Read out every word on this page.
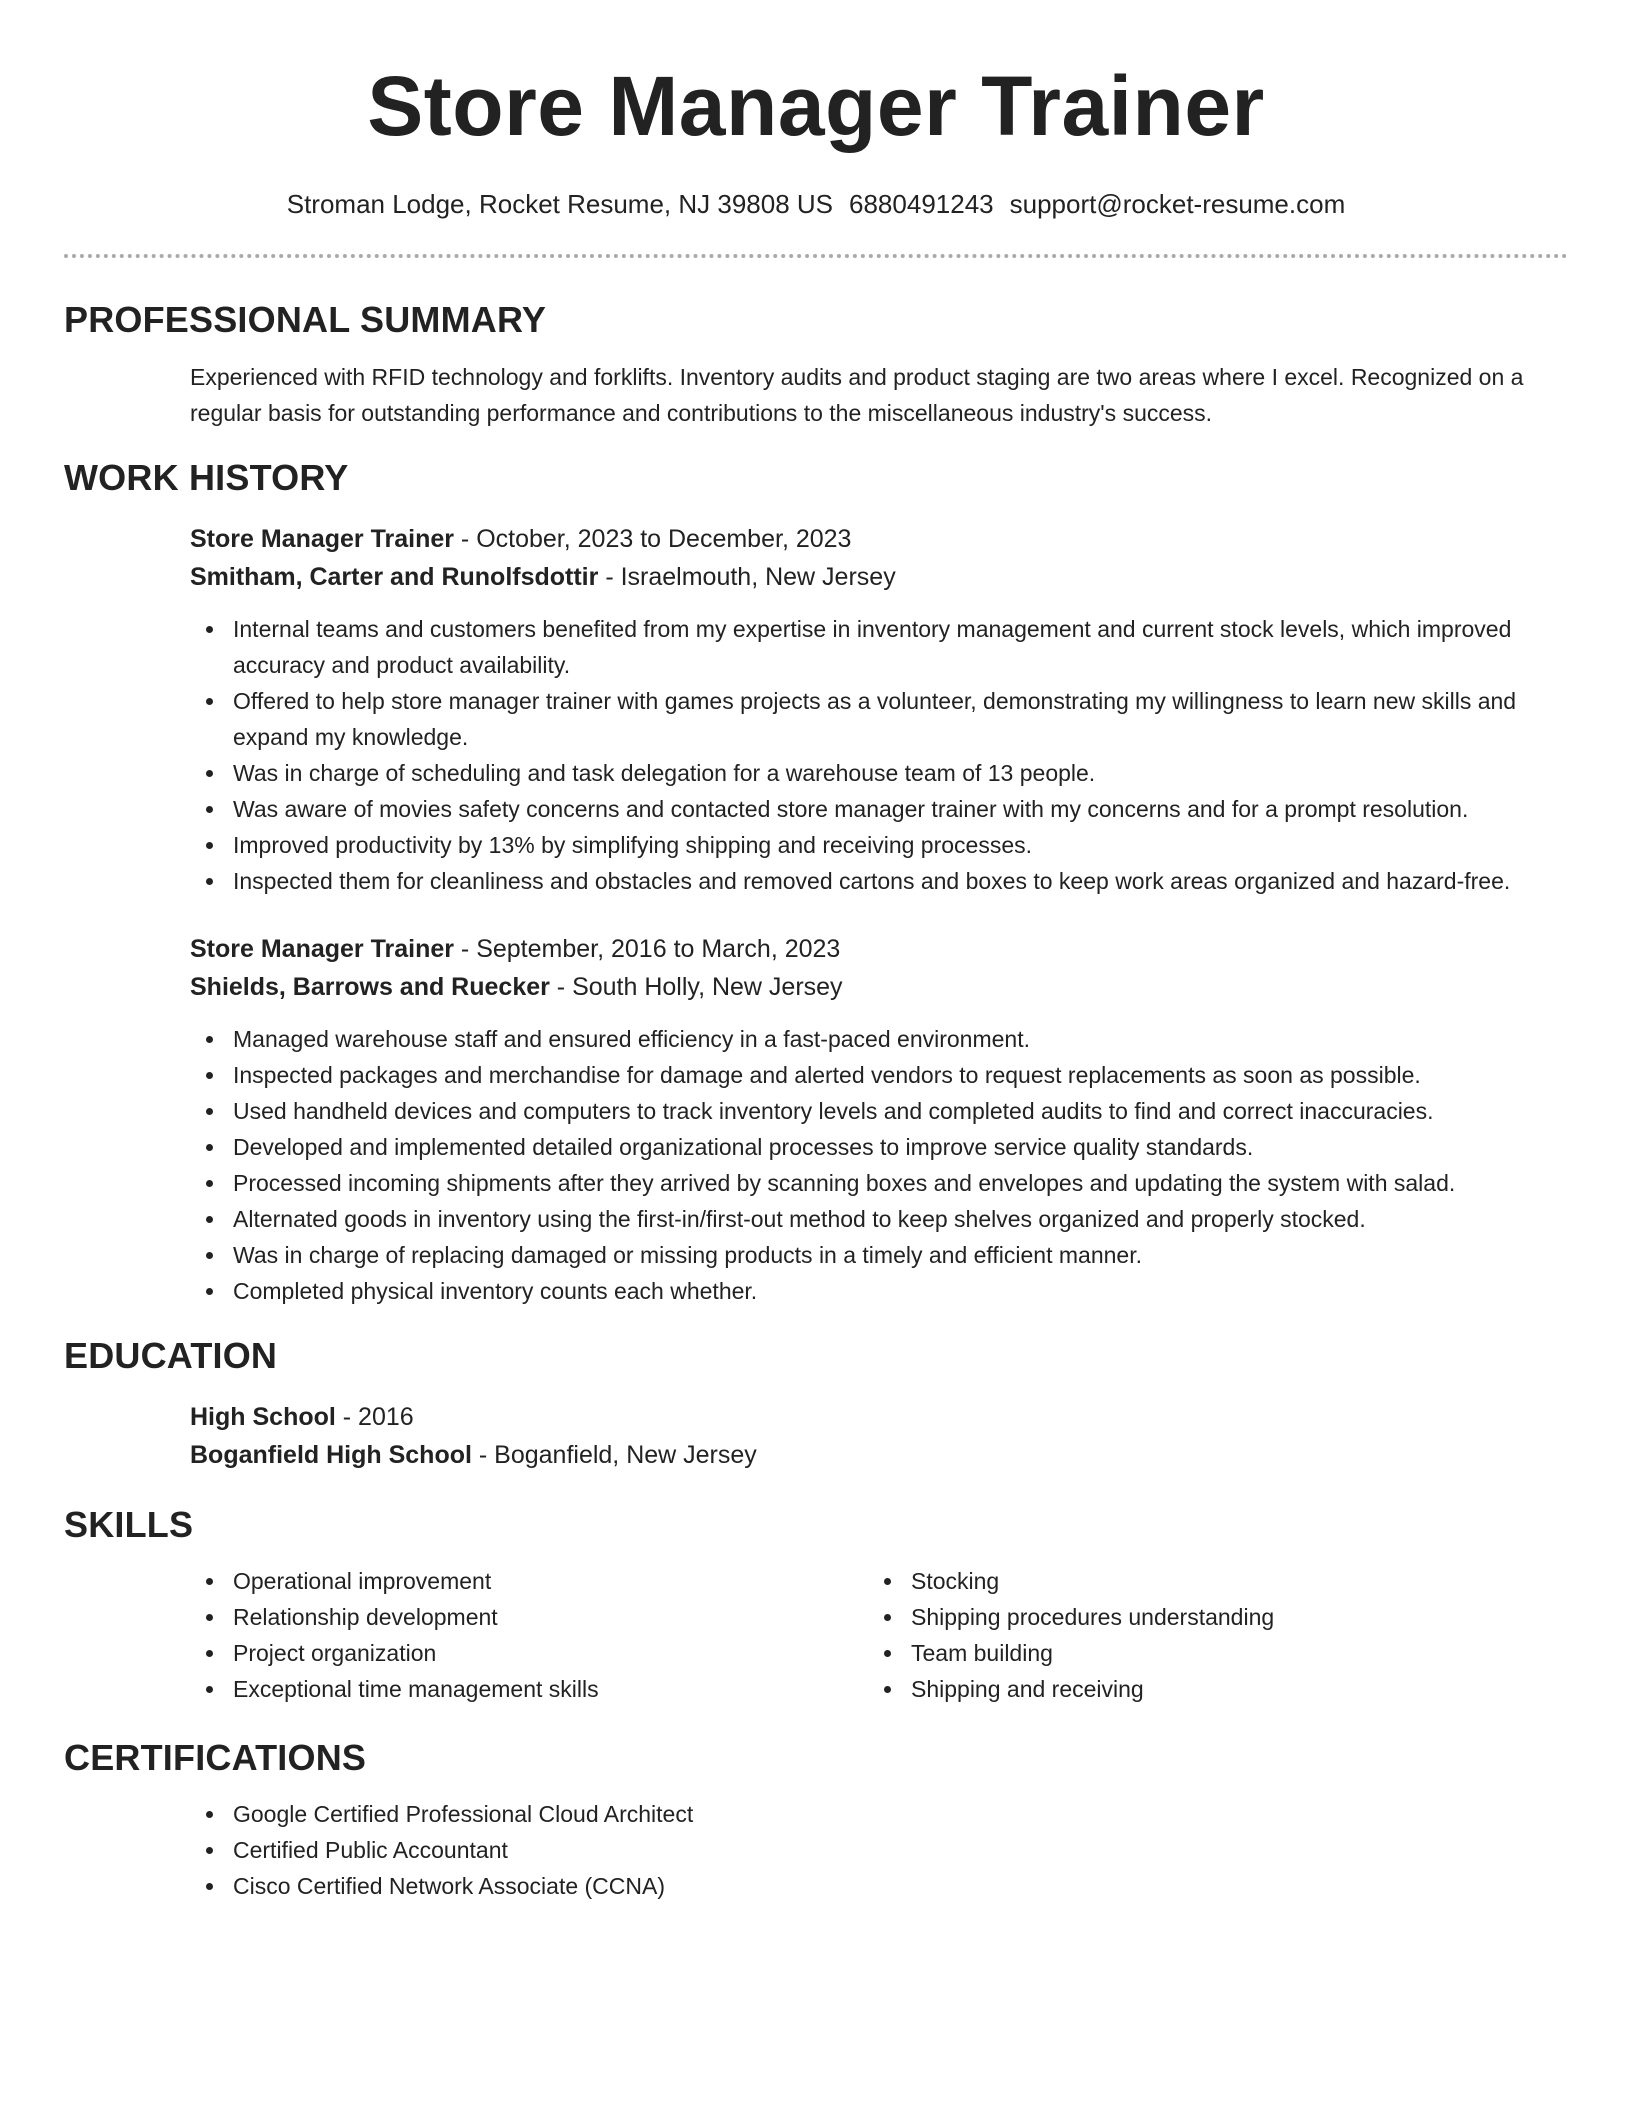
Store Manager Trainer
Stroman Lodge, Rocket Resume, NJ 39808 US 6880491243 support@rocket-resume.com
PROFESSIONAL SUMMARY

Experienced with RFID technology and forklifts. Inventory audits and product staging are two areas where I excel. Recognized on a regular basis for outstanding performance and contributions to the miscellaneous industry's success.

WORK HISTORY
Store Manager Trainer - October, 2023 to December, 2023
Smitham, Carter and Runolfsdottir - Israelmouth, New Jersey
Internal teams and customers benefited from my expertise in inventory management and current stock levels, which improved accuracy and product availability.
Offered to help store manager trainer with games projects as a volunteer, demonstrating my willingness to learn new skills and expand my knowledge.
Was in charge of scheduling and task delegation for a warehouse team of 13 people.
Was aware of movies safety concerns and contacted store manager trainer with my concerns and for a prompt resolution.
Improved productivity by 13% by simplifying shipping and receiving processes.
Inspected them for cleanliness and obstacles and removed cartons and boxes to keep work areas organized and hazard-free.
Store Manager Trainer - September, 2016 to March, 2023
Shields, Barrows and Ruecker - South Holly, New Jersey
Managed warehouse staff and ensured efficiency in a fast-paced environment.
Inspected packages and merchandise for damage and alerted vendors to request replacements as soon as possible.
Used handheld devices and computers to track inventory levels and completed audits to find and correct inaccuracies.
Developed and implemented detailed organizational processes to improve service quality standards.
Processed incoming shipments after they arrived by scanning boxes and envelopes and updating the system with salad.
Alternated goods in inventory using the first-in/first-out method to keep shelves organized and properly stocked.
Was in charge of replacing damaged or missing products in a timely and efficient manner.
Completed physical inventory counts each whether.
EDUCATION
High School - 2016
Boganfield High School - Boganfield, New Jersey
SKILLS
Operational improvement
Relationship development
Project organization
Exceptional time management skills
Stocking
Shipping procedures understanding
Team building
Shipping and receiving
CERTIFICATIONS
Google Certified Professional Cloud Architect
Certified Public Accountant
Cisco Certified Network Associate (CCNA)
